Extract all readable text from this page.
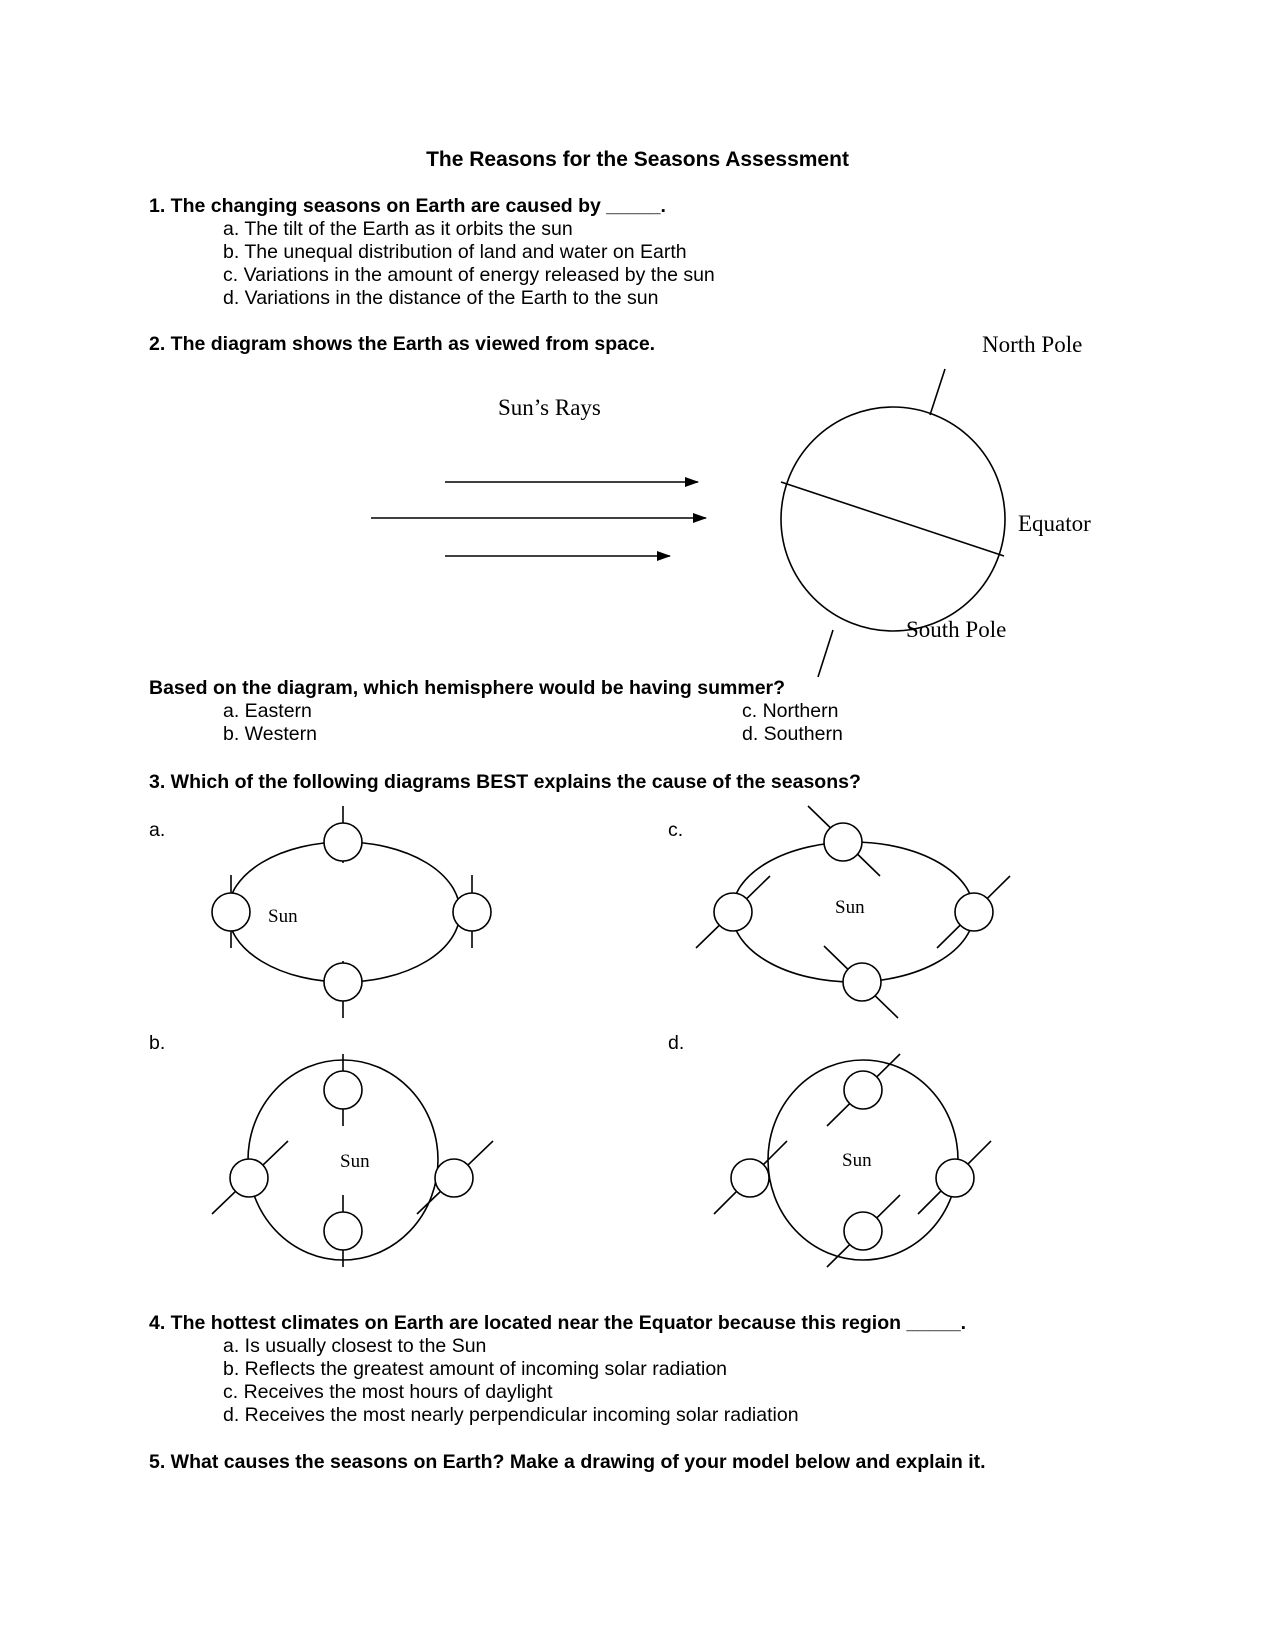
The Reasons for the Seasons Assessment
1. The changing seasons on Earth are caused by _____.
a. The tilt of the Earth as it orbits the sun
b. The unequal distribution of land and water on Earth
c. Variations in the amount of energy released by the sun
d. Variations in the distance of the Earth to the sun
2. The diagram shows the Earth as viewed from space.	North Pole
Sun’s Rays
Equator
South Pole
Based on the diagram, which hemisphere would be having summer?
a. Eastern
b. Western
c. Northern
d. Southern
3. Which of the following diagrams BEST explains the cause of the seasons?
a.
b.
c.
d.
Sun	Sun
Sun	Sun
4. The hottest climates on Earth are located near the Equator because this region _____.
a. Is usually closest to the Sun
b. Reflects the greatest amount of incoming solar radiation
c. Receives the most hours of daylight
d. Receives the most nearly perpendicular incoming solar radiation
5. What causes the seasons on Earth? Make a drawing of your model below and explain it.
